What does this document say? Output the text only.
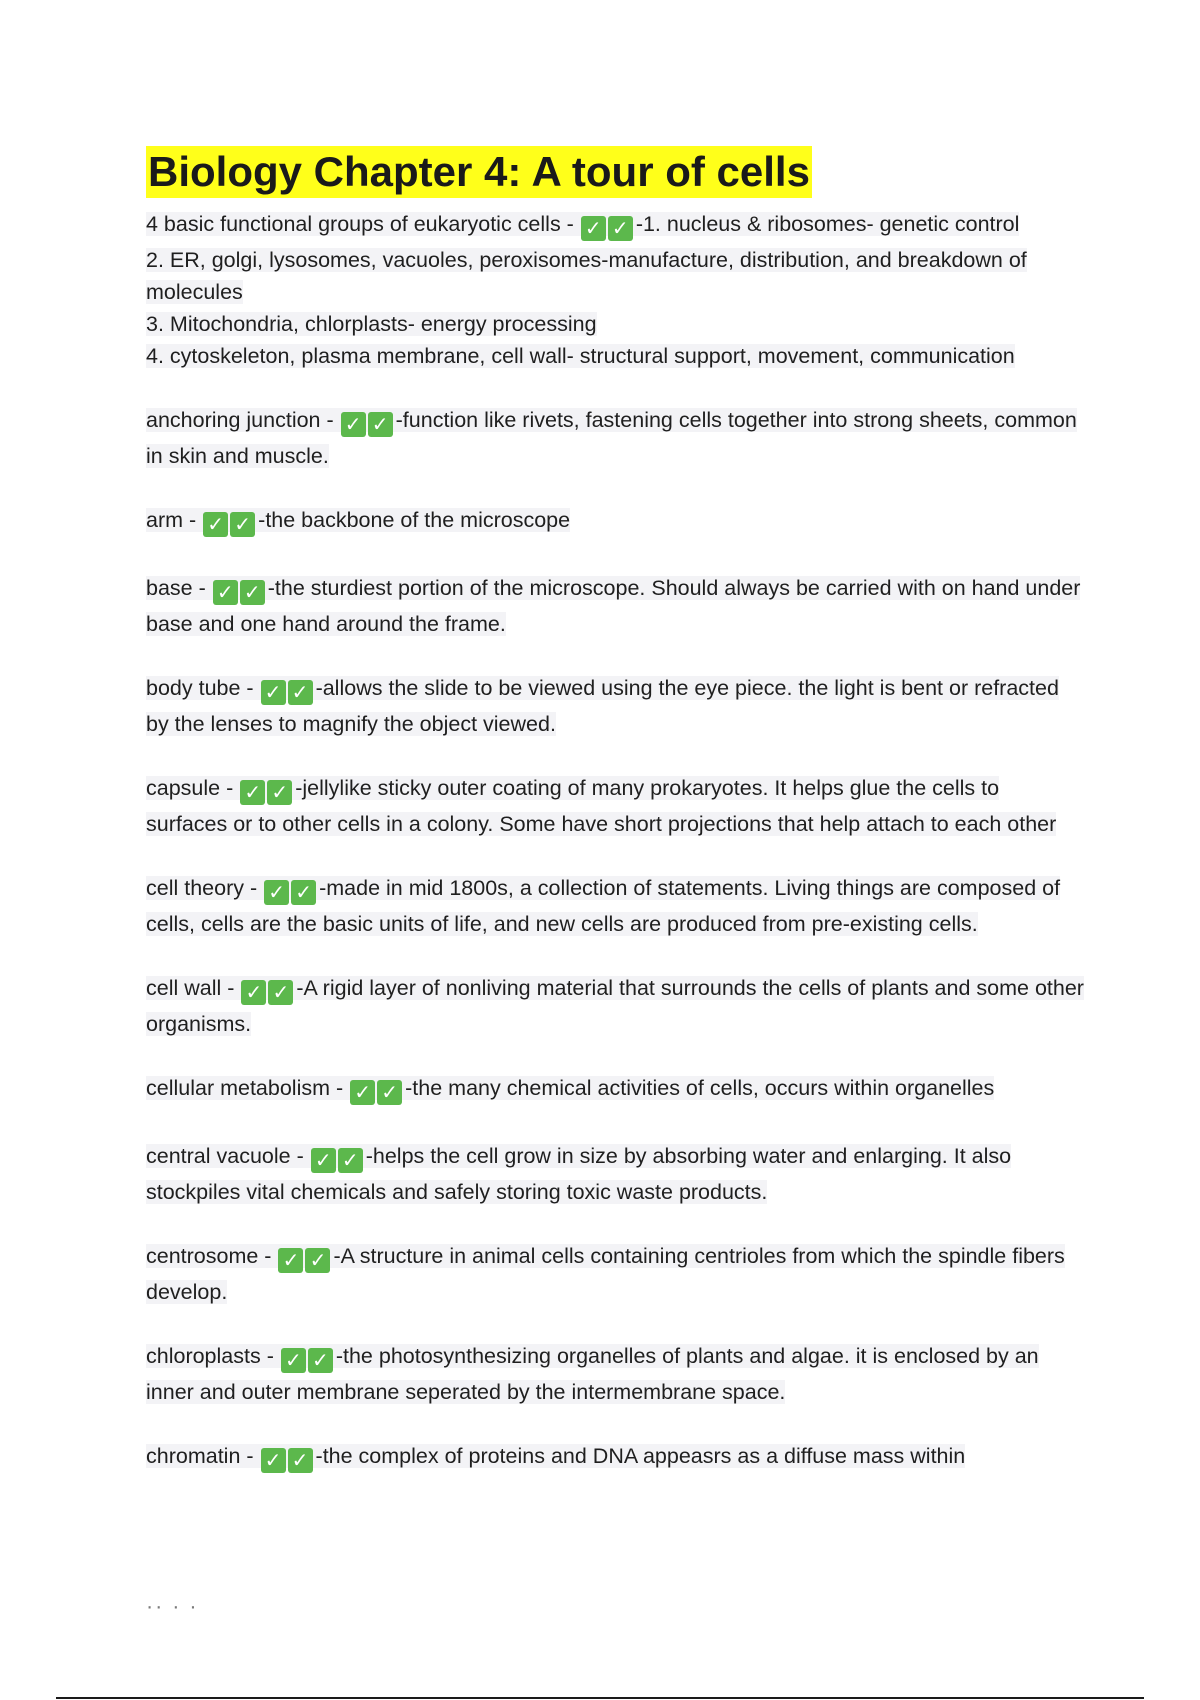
Biology Chapter 4: A tour of cells
4 basic functional groups of eukaryotic cells - ✓ ✓ -1. nucleus & ribosomes- genetic control
2. ER, golgi, lysosomes, vacuoles, peroxisomes-manufacture, distribution, and breakdown of molecules
3. Mitochondria, chlorplasts- energy processing
4. cytoskeleton, plasma membrane, cell wall- structural support, movement, communication
anchoring junction - ✓ ✓ -function like rivets, fastening cells together into strong sheets, common in skin and muscle.
arm - ✓ ✓ -the backbone of the microscope
base - ✓ ✓ -the sturdiest portion of the microscope. Should always be carried with on hand under base and one hand around the frame.
body tube - ✓ ✓ -allows the slide to be viewed using the eye piece. the light is bent or refracted by the lenses to magnify the object viewed.
capsule - ✓ ✓ -jellylike sticky outer coating of many prokaryotes. It helps glue the cells to surfaces or to other cells in a colony. Some have short projections that help attach to each other
cell theory - ✓ ✓ -made in mid 1800s, a collection of statements. Living things are composed of cells, cells are the basic units of life, and new cells are produced from pre-existing cells.
cell wall - ✓ ✓ -A rigid layer of nonliving material that surrounds the cells of plants and some other organisms.
cellular metabolism - ✓ ✓ -the many chemical activities of cells, occurs within organelles
central vacuole - ✓ ✓ -helps the cell grow in size by absorbing water and enlarging. It also stockpiles vital chemicals and safely storing toxic waste products.
centrosome - ✓ ✓ -A structure in animal cells containing centrioles from which the spindle fibers develop.
chloroplasts - ✓ ✓ -the photosynthesizing organelles of plants and algae. it is enclosed by an inner and outer membrane seperated by the intermembrane space.
chromatin - ✓ ✓ -the complex of proteins and DNA appeasrs as a diffuse mass within
·· · ·
